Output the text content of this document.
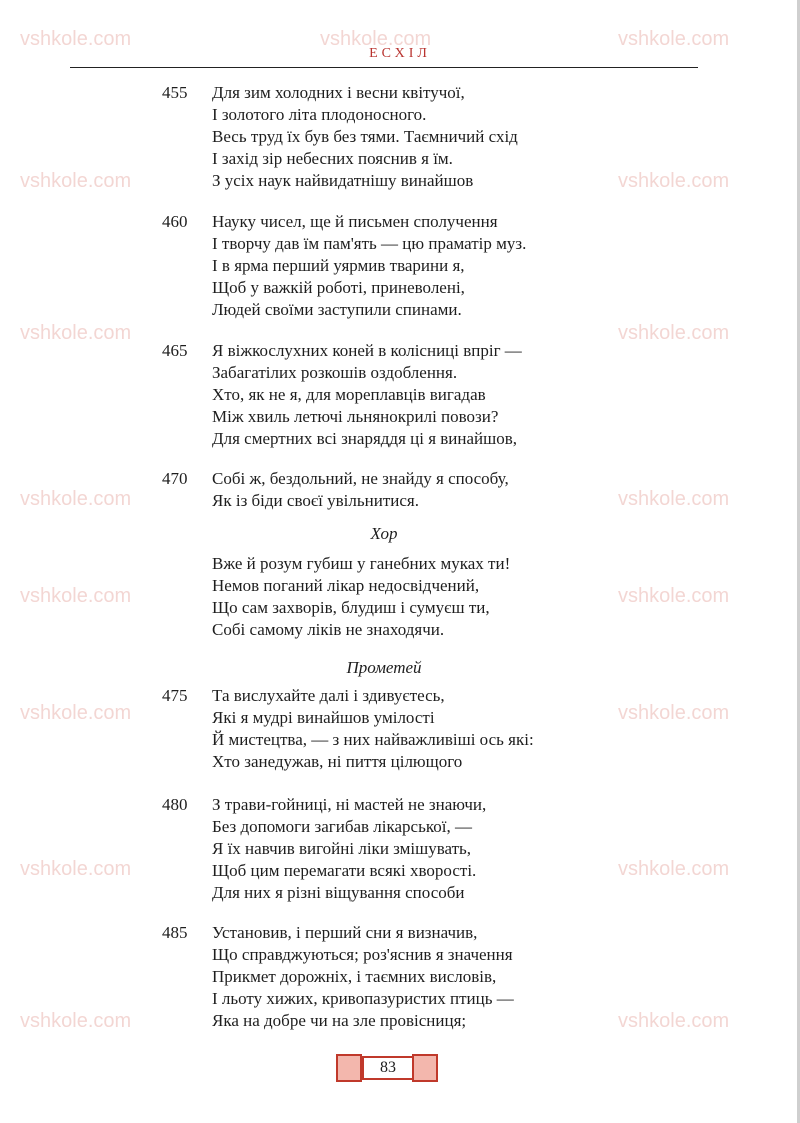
ЕСХІЛ
vshkole.com	vshkole.com	vshkole.com
vshkole.com	vshkole.com
vshkole.com	vshkole.com
vshkole.com	vshkole.com
vshkole.com	vshkole.com
vshkole.com	vshkole.com
vshkole.com	vshkole.com
vshkole.com	vshkole.com
455 Для зим холодних і весни квітучої,
І золотого літа плодоносного.
Весь труд їх був без тями. Таємничий схід
І захід зір небесних пояснив я їм.
З усіх наук найвидатнішу винайшов
460 Науку чисел, ще й письмен сполучення
І творчу дав їм пам'ять — цю праматір муз.
І в ярма перший уярмив тварини я,
Щоб у важкій роботі, приневолені,
Людей своїми заступили спинами.
465 Я віжкослухних коней в колісниці впріг —
Забагатілих розкошів оздоблення.
Хто, як не я, для мореплавців вигадав
Між хвиль летючі льнянокрилі повози?
Для смертних всі знаряддя ці я винайшов,
470 Собі ж, бездольний, не знайду я способу,
Як із біди своєї увільнитися.
Хор
Вже й розум губиш у ганебних муках ти!
Немов поганий лікар недосвідчений,
Що сам захворів, блудиш і сумуєш ти,
Собі самому ліків не знаходячи.
Прометей
475 Та вислухайте далі і здивуєтесь,
Які я мудрі винайшов умілості
Й мистецтва, — з них найважливіші ось які:
Хто занедужав, ні пиття цілющого
480 З трави-гойниці, ні мастей не знаючи,
Без допомоги загибав лікарської, —
Я їх навчив вигойні ліки змішувать,
Щоб цим перемагати всякі хворості.
Для них я різні віщування способи
485 Установив, і перший сни я визначив,
Що справджуються; роз'яснив я значення
Прикмет дорожніх, і таємних висловів,
І льоту хижих, кривопазуристих птиць —
Яка на добре чи на зле провісниця;
83
